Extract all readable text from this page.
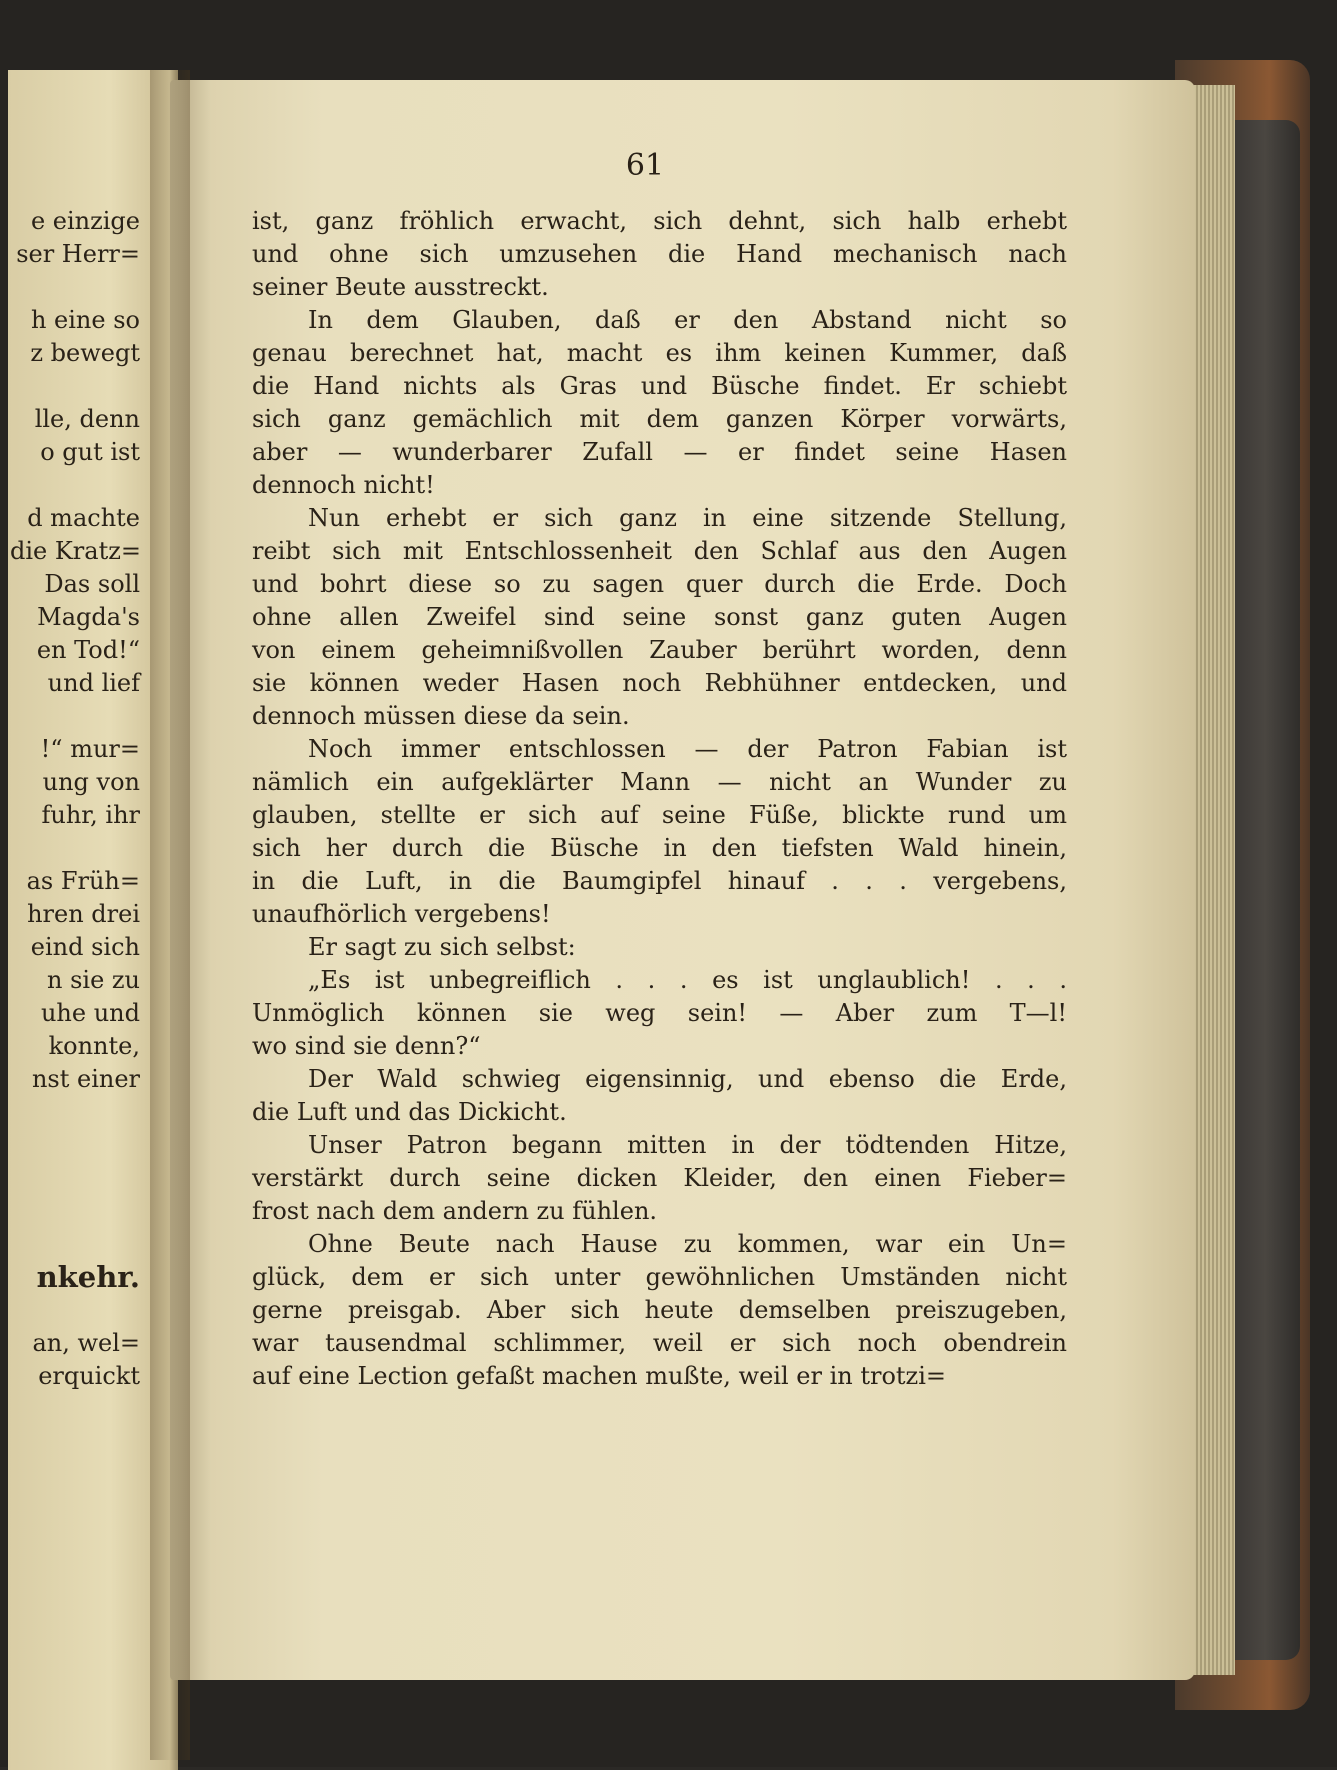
61
ist, ganz fröhlich erwacht, sich dehnt, sich halb erhebt
und ohne sich umzusehen die Hand mechanisch nach
seiner Beute ausstreckt.
In dem Glauben, daß er den Abstand nicht so
genau berechnet hat, macht es ihm keinen Kummer, daß
die Hand nichts als Gras und Büsche findet. Er schiebt
sich ganz gemächlich mit dem ganzen Körper vorwärts,
aber — wunderbarer Zufall — er findet seine Hasen
dennoch nicht!
Nun erhebt er sich ganz in eine sitzende Stellung,
reibt sich mit Entschlossenheit den Schlaf aus den Augen
und bohrt diese so zu sagen quer durch die Erde. Doch
ohne allen Zweifel sind seine sonst ganz guten Augen
von einem geheimnißvollen Zauber berührt worden, denn
sie können weder Hasen noch Rebhühner entdecken, und
dennoch müssen diese da sein.
Noch immer entschlossen — der Patron Fabian ist
nämlich ein aufgeklärter Mann — nicht an Wunder zu
glauben, stellte er sich auf seine Füße, blickte rund um
sich her durch die Büsche in den tiefsten Wald hinein,
in die Luft, in die Baumgipfel hinauf . . . vergebens,
unaufhörlich vergebens!
Er sagt zu sich selbst:
„Es ist unbegreiflich . . . es ist unglaublich! . . .
Unmöglich können sie weg sein! — Aber zum T—l!
wo sind sie denn?“
Der Wald schwieg eigensinnig, und ebenso die Erde,
die Luft und das Dickicht.
Unser Patron begann mitten in der tödtenden Hitze,
verstärkt durch seine dicken Kleider, den einen Fieber=
frost nach dem andern zu fühlen.
Ohne Beute nach Hause zu kommen, war ein Un=
glück, dem er sich unter gewöhnlichen Umständen nicht
gerne preisgab. Aber sich heute demselben preiszugeben,
war tausendmal schlimmer, weil er sich noch obendrein
auf eine Lection gefaßt machen mußte, weil er in trotzi=
e einzige
ser Herr=
h eine so
z bewegt
lle, denn
o gut ist
d machte
die Kratz=
Das soll
Magda's
en Tod!“
und lief
!“ mur=
ung von
fuhr, ihr
as Früh=
hren drei
eind sich
n sie zu
uhe und
konnte,
nst einer
nkehr.
an, wel=
erquickt
